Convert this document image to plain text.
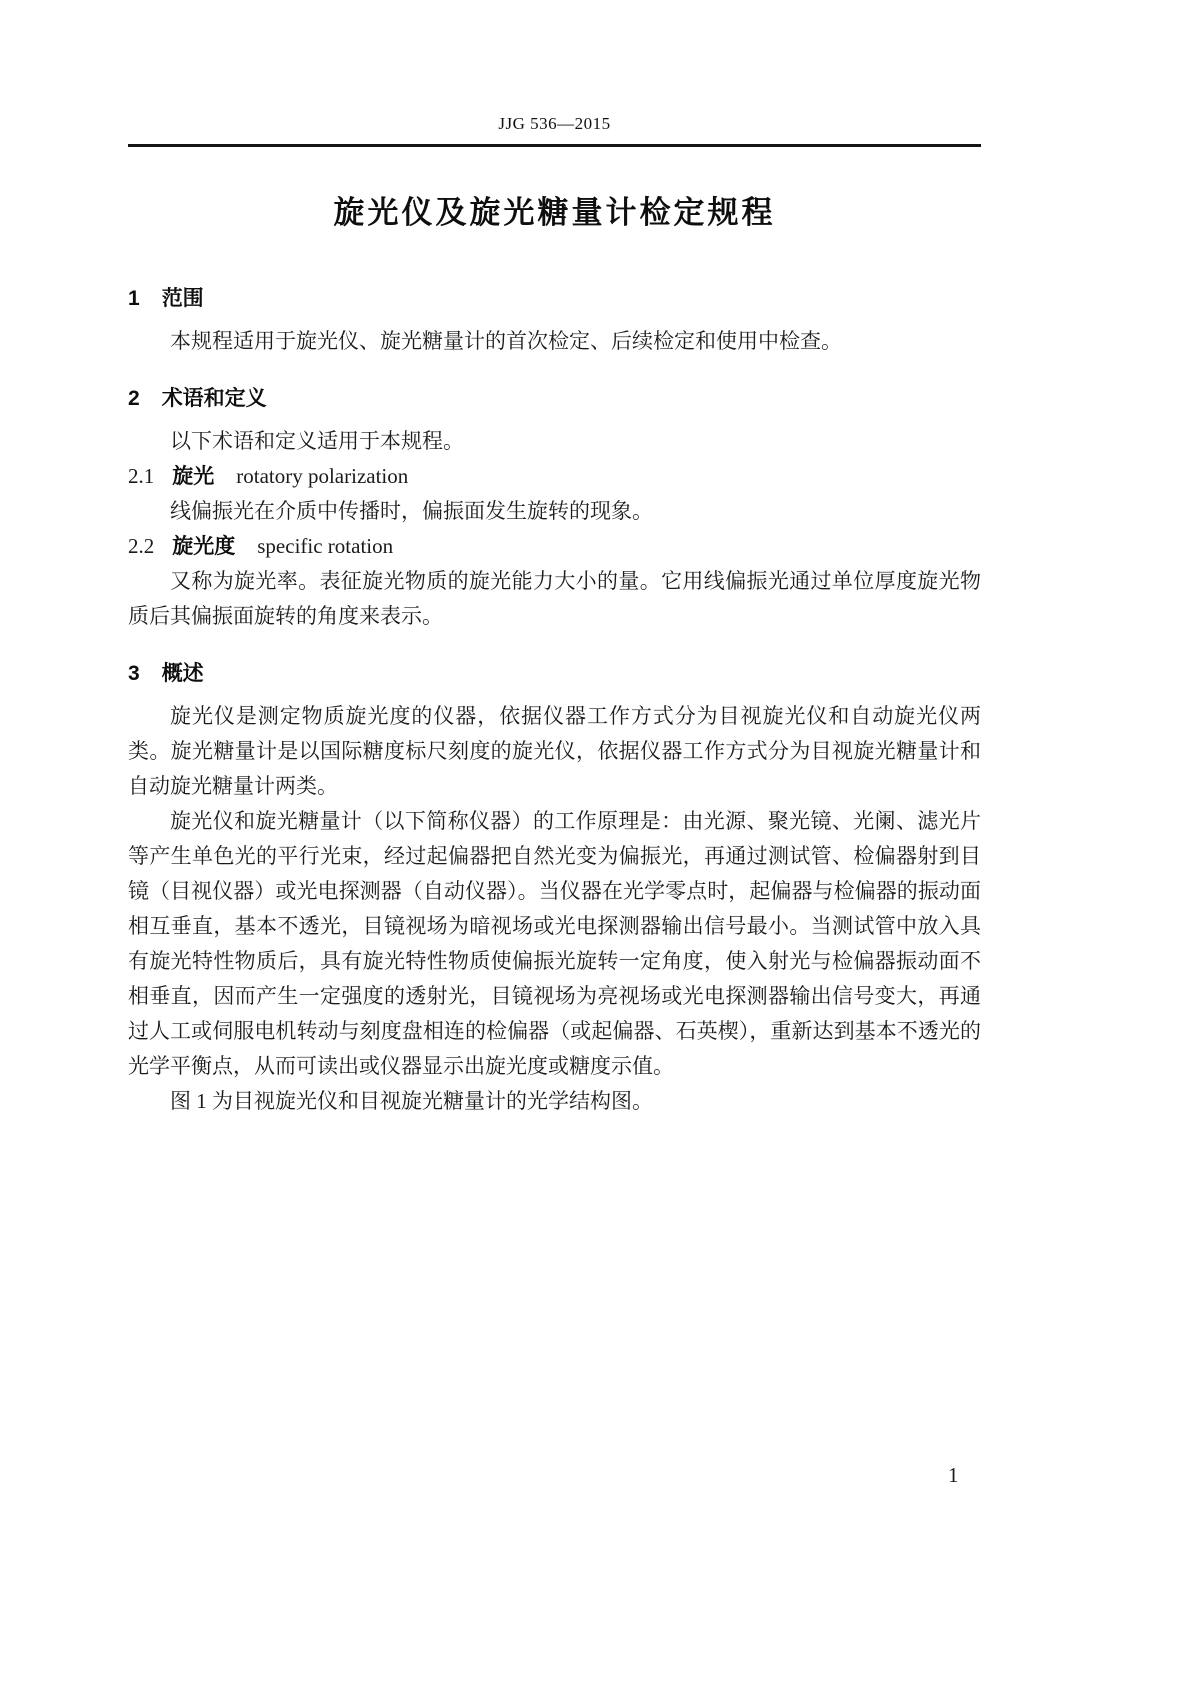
JJG 536—2015
旋光仪及旋光糖量计检定规程
1 范围

本规程适用于旋光仪、旋光糖量计的首次检定、后续检定和使用中检查。

2 术语和定义

以下术语和定义适用于本规程。

2.1 旋光 rotatory polarization

线偏振光在介质中传播时，偏振面发生旋转的现象。

2.2 旋光度 specific rotation

又称为旋光率。表征旋光物质的旋光能力大小的量。它用线偏振光通过单位厚度旋光物质后其偏振面旋转的角度来表示。

3 概述

旋光仪是测定物质旋光度的仪器，依据仪器工作方式分为目视旋光仪和自动旋光仪两类。旋光糖量计是以国际糖度标尺刻度的旋光仪，依据仪器工作方式分为目视旋光糖量计和自动旋光糖量计两类。

旋光仪和旋光糖量计（以下简称仪器）的工作原理是：由光源、聚光镜、光阑、滤光片等产生单色光的平行光束，经过起偏器把自然光变为偏振光，再通过测试管、检偏器射到目镜（目视仪器）或光电探测器（自动仪器）。当仪器在光学零点时，起偏器与检偏器的振动面相互垂直，基本不透光，目镜视场为暗视场或光电探测器输出信号最小。当测试管中放入具有旋光特性物质后，具有旋光特性物质使偏振光旋转一定角度，使入射光与检偏器振动面不相垂直，因而产生一定强度的透射光，目镜视场为亮视场或光电探测器输出信号变大，再通过人工或伺服电机转动与刻度盘相连的检偏器（或起偏器、石英楔），重新达到基本不透光的光学平衡点，从而可读出或仪器显示出旋光度或糖度示值。

图 1 为目视旋光仪和目视旋光糖量计的光学结构图。

1
